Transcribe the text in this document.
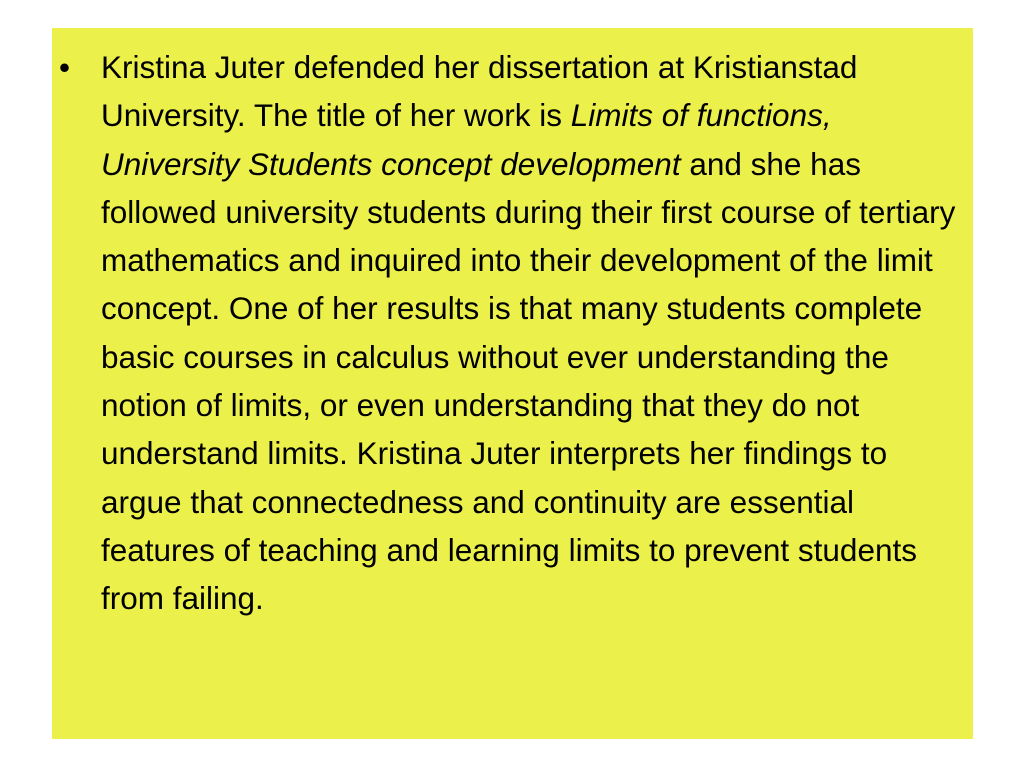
• Kristina Juter defended her dissertation at Kristianstad University. The title of her work is Limits of functions, University Students concept development and she has followed university students during their first course of tertiary mathematics and inquired into their development of the limit concept. One of her results is that many students complete basic courses in calculus without ever understanding the notion of limits, or even understanding that they do not understand limits. Kristina Juter interprets her findings to argue that connectedness and continuity are essential features of teaching and learning limits to prevent students from failing.
